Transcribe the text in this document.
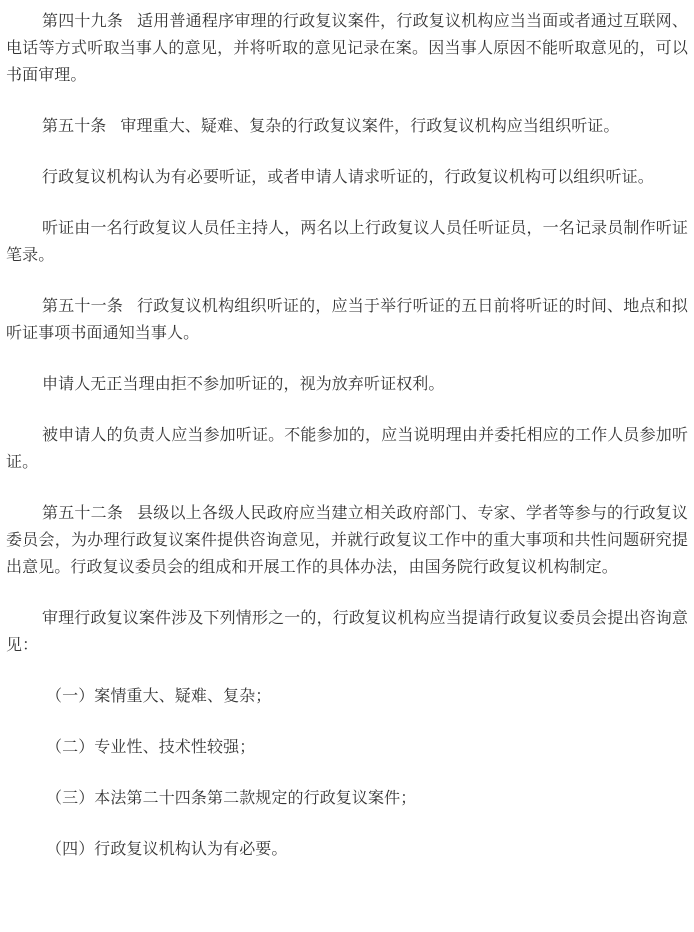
第四十九条 适用普通程序审理的行政复议案件，行政复议机构应当当面或者通过互联网、电话等方式听取当事人的意见，并将听取的意见记录在案。因当事人原因不能听取意见的，可以书面审理。

第五十条 审理重大、疑难、复杂的行政复议案件，行政复议机构应当组织听证。

行政复议机构认为有必要听证，或者申请人请求听证的，行政复议机构可以组织听证。

听证由一名行政复议人员任主持人，两名以上行政复议人员任听证员，一名记录员制作听证笔录。

第五十一条 行政复议机构组织听证的，应当于举行听证的五日前将听证的时间、地点和拟听证事项书面通知当事人。

申请人无正当理由拒不参加听证的，视为放弃听证权利。

被申请人的负责人应当参加听证。不能参加的，应当说明理由并委托相应的工作人员参加听证。

第五十二条 县级以上各级人民政府应当建立相关政府部门、专家、学者等参与的行政复议委员会，为办理行政复议案件提供咨询意见，并就行政复议工作中的重大事项和共性问题研究提出意见。行政复议委员会的组成和开展工作的具体办法，由国务院行政复议机构制定。

审理行政复议案件涉及下列情形之一的，行政复议机构应当提请行政复议委员会提出咨询意见：

（一）案情重大、疑难、复杂；

（二）专业性、技术性较强；

（三）本法第二十四条第二款规定的行政复议案件；

（四）行政复议机构认为有必要。
